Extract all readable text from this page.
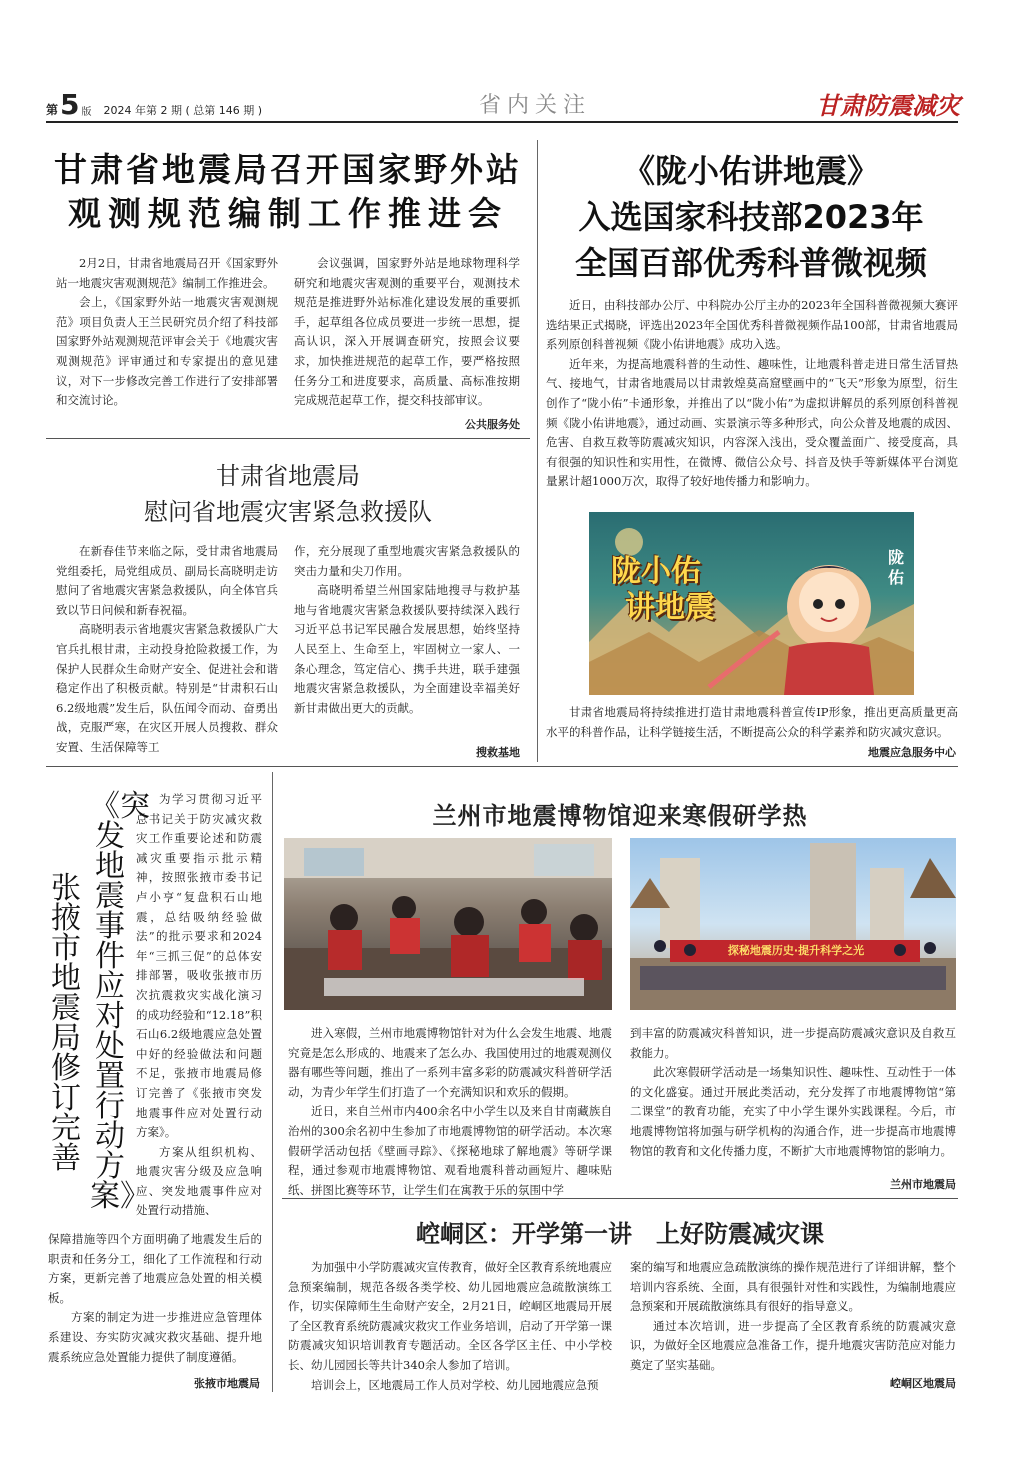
第 5 版 2024 年第 2 期 ( 总第 146 期 )	省内关注	甘肃防震减灾
甘肃省地震局召开国家野外站
观测规范编制工作推进会

2月2日，甘肃省地震局召开《国家野外站一地震灾害观测规范》编制工作推进会。

会上，《国家野外站一地震灾害观测规范》项目负责人王兰民研究员介绍了科技部国家野外站观测规范评审会关于《地震灾害观测规范》评审通过和专家提出的意见建议，对下一步修改完善工作进行了安排部署和交流讨论。

会议强调，国家野外站是地球物理科学研究和地震灾害观测的重要平台，观测技术规范是推进野外站标准化建设发展的重要抓手，起草组各位成员要进一步统一思想，提高认识，深入开展调查研究，按照会议要求，加快推进规范的起草工作，要严格按照任务分工和进度要求，高质量、高标准按期完成规范起草工作，提交科技部审议。

公共服务处
甘肃省地震局
慰问省地震灾害紧急救援队

在新春佳节来临之际，受甘肃省地震局党组委托，局党组成员、副局长高晓明走访慰问了省地震灾害紧急救援队，向全体官兵致以节日问候和新春祝福。

高晓明表示省地震灾害紧急救援队广大官兵扎根甘肃，主动投身抢险救援工作，为保护人民群众生命财产安全、促进社会和谐稳定作出了积极贡献。特别是“甘肃积石山6.2级地震”发生后，队伍闻令而动、奋勇出战，克服严寒，在灾区开展人员搜救、群众安置、生活保障等工

作，充分展现了重型地震灾害紧急救援队的突击力量和尖刀作用。

高晓明希望兰州国家陆地搜寻与救护基地与省地震灾害紧急救援队要持续深入践行习近平总书记军民融合发展思想，始终坚持人民至上、生命至上，牢固树立一家人、一条心理念，笃定信心、携手共进，联手建强地震灾害紧急救援队，为全面建设幸福美好新甘肃做出更大的贡献。

搜救基地
《陇小佑讲地震》
入选国家科技部2023年
全国百部优秀科普微视频

近日，由科技部办公厅、中科院办公厅主办的2023年全国科普微视频大赛评选结果正式揭晓，评选出2023年全国优秀科普微视频作品100部，甘肃省地震局系列原创科普视频《陇小佑讲地震》成功入选。

近年来，为提高地震科普的生动性、趣味性，让地震科普走进日常生活冒热气、接地气，甘肃省地震局以甘肃敦煌莫高窟壁画中的“飞天”形象为原型，衍生创作了“陇小佑”卡通形象，并推出了以“陇小佑”为虚拟讲解员的系列原创科普视频《陇小佑讲地震》，通过动画、实景演示等多种形式，向公众普及地震的成因、危害、自救互救等防震减灾知识，内容深入浅出，受众覆盖面广、接受度高，具有很强的知识性和实用性，在微博、微信公众号、抖音及快手等新媒体平台浏览量累计超1000万次，取得了较好地传播力和影响力。

陇小佑
讲地震
陇佑

甘肃省地震局将持续推进打造甘肃地震科普宣传IP形象，推出更高质量更高水平的科普作品，让科学链接生活，不断提高公众的科学素养和防灾减灾意识。

地震应急服务中心
《突发地震事件应对处置行动方案》
张掖市地震局修订完善

为学习贯彻习近平总书记关于防灾减灾救灾工作重要论述和防震减灾重要指示批示精神，按照张掖市委书记卢小亨“复盘积石山地震，总结吸纳经验做法”的批示要求和2024年“三抓三促”的总体安排部署，吸收张掖市历次抗震救灾实战化演习的成功经验和“12.18”积石山6.2级地震应急处置中好的经验做法和问题不足，张掖市地震局修订完善了《张掖市突发地震事件应对处置行动方案》。

方案从组织机构、地震灾害分级及应急响应、突发地震事件应对处置行动措施、

保障措施等四个方面明确了地震发生后的职责和任务分工，细化了工作流程和行动方案，更新完善了地震应急处置的相关模板。

方案的制定为进一步推进应急管理体系建设、夯实防灾减灾救灾基础、提升地震系统应急处置能力提供了制度遵循。

张掖市地震局
兰州市地震博物馆迎来寒假研学热
探秘地震历史·提升科学之光

进入寒假，兰州市地震博物馆针对为什么会发生地震、地震究竟是怎么形成的、地震来了怎么办、我国使用过的地震观测仪器有哪些等问题，推出了一系列丰富多彩的防震减灾科普研学活动，为青少年学生们打造了一个充满知识和欢乐的假期。

近日，来自兰州市内400余名中小学生以及来自甘南藏族自治州的300余名初中生参加了市地震博物馆的研学活动。本次寒假研学活动包括《壁画寻踪》、《探秘地球了解地震》等研学课程，通过参观市地震博物馆、观看地震科普动画短片、趣味贴纸、拼图比赛等环节，让学生们在寓教于乐的氛围中学

到丰富的防震减灾科普知识，进一步提高防震减灾意识及自救互救能力。

此次寒假研学活动是一场集知识性、趣味性、互动性于一体的文化盛宴。通过开展此类活动，充分发挥了市地震博物馆“第二课堂”的教育功能，充实了中小学生课外实践课程。今后，市地震博物馆将加强与研学机构的沟通合作，进一步提高市地震博物馆的教育和文化传播力度，不断扩大市地震博物馆的影响力。

兰州市地震局
崆峒区：开学第一讲　上好防震减灾课

为加强中小学防震减灾宣传教育，做好全区教育系统地震应急预案编制，规范各级各类学校、幼儿园地震应急疏散演练工作，切实保障师生生命财产安全，2月21日，崆峒区地震局开展了全区教育系统防震减灾救灾工作业务培训，启动了开学第一课防震减灾知识培训教育专题活动。全区各学区主任、中小学校长、幼儿园园长等共计340余人参加了培训。

培训会上，区地震局工作人员对学校、幼儿园地震应急预

案的编写和地震应急疏散演练的操作规范进行了详细讲解，整个培训内容系统、全面，具有很强针对性和实践性，为编制地震应急预案和开展疏散演练具有很好的指导意义。

通过本次培训，进一步提高了全区教育系统的防震减灾意识，为做好全区地震应急准备工作，提升地震灾害防范应对能力奠定了坚实基础。

崆峒区地震局
